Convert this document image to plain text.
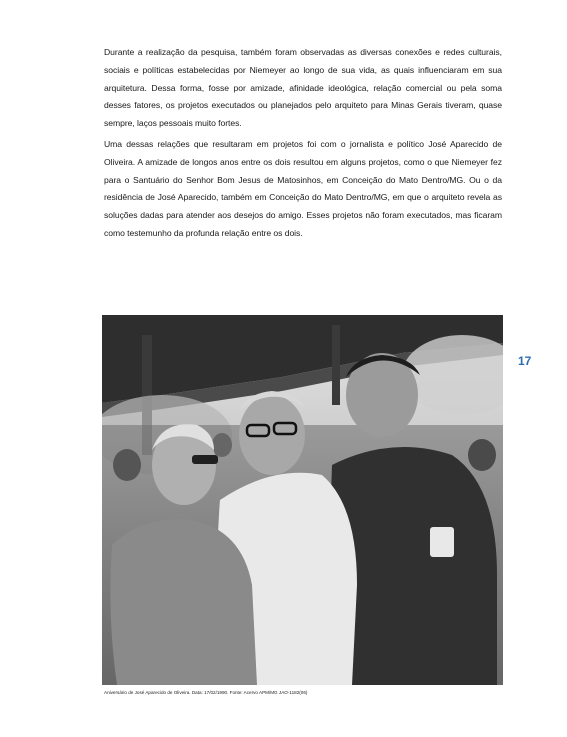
Durante a realização da pesquisa, também foram observadas as diversas conexões e redes culturais, sociais e políticas estabelecidas por Niemeyer ao longo de sua vida, as quais influenciaram em sua arquitetura. Dessa forma, fosse por amizade, afinidade ideológica, relação comercial ou pela soma desses fatores, os projetos executados ou planejados pelo arquiteto para Minas Gerais tiveram, quase sempre, laços pessoais muito fortes.

Uma dessas relações que resultaram em projetos foi com o jornalista e político José Aparecido de Oliveira. A amizade de longos anos entre os dois resultou em alguns projetos, como o que Niemeyer fez para o Santuário do Senhor Bom Jesus de Matosinhos, em Conceição do Mato Dentro/MG. Ou o da residência de José Aparecido, também em Conceição do Mato Dentro/MG, em que o arquiteto revela as soluções dadas para atender aos desejos do amigo. Esses projetos não foram executados, mas ficaram como testemunho da profunda relação entre os dois.

17
Aniversário de José Aparecido de Oliveira. Data: 17/02/1990. Fonte: Acervo APM/MG JAO-1182(06)
